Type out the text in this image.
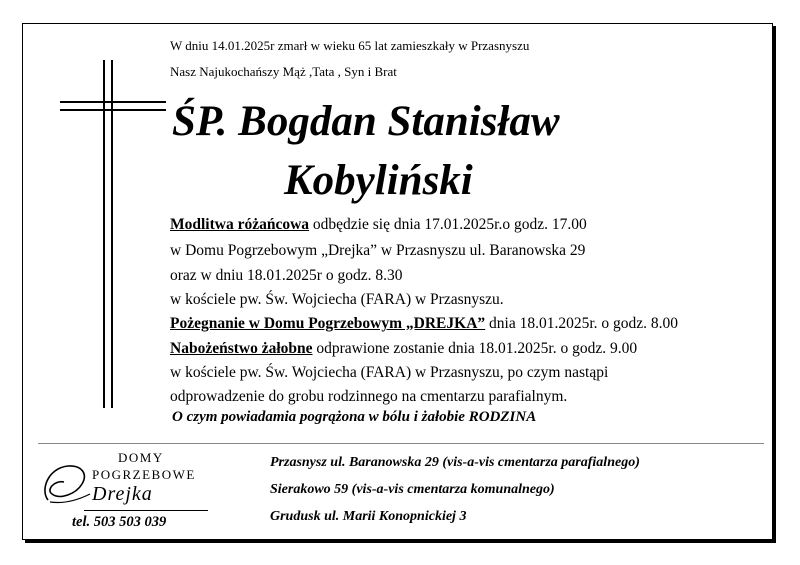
W dniu 14.01.2025r zmarł w wieku 65 lat zamieszkały w Przasnyszu
Nasz Najukochańszy Mąż ,Tata , Syn i Brat
ŚP. Bogdan Stanisław
Kobyliński
Modlitwa różańcowa odbędzie się dnia 17.01.2025r.o godz. 17.00
w Domu Pogrzebowym „Drejka” w Przasnyszu ul. Baranowska 29
oraz w dniu 18.01.2025r o godz. 8.30
w kościele pw. Św. Wojciecha (FARA) w Przasnyszu.
Pożegnanie w Domu Pogrzebowym „DREJKA” dnia 18.01.2025r. o godz. 8.00
Nabożeństwo żałobne odprawione zostanie dnia 18.01.2025r. o godz. 9.00
w kościele pw. Św. Wojciecha (FARA) w Przasnyszu, po czym nastąpi
odprowadzenie do grobu rodzinnego na cmentarzu parafialnym.
O czym powiadamia pogrążona w bólu i żałobie RODZINA
DOMY
POGRZEBOWE
Drejka
tel. 503 503 039
Przasnysz ul. Baranowska 29 (vis-a-vis cmentarza parafialnego)
Sierakowo 59 (vis-a-vis cmentarza komunalnego)
Grudusk ul. Marii Konopnickiej 3
